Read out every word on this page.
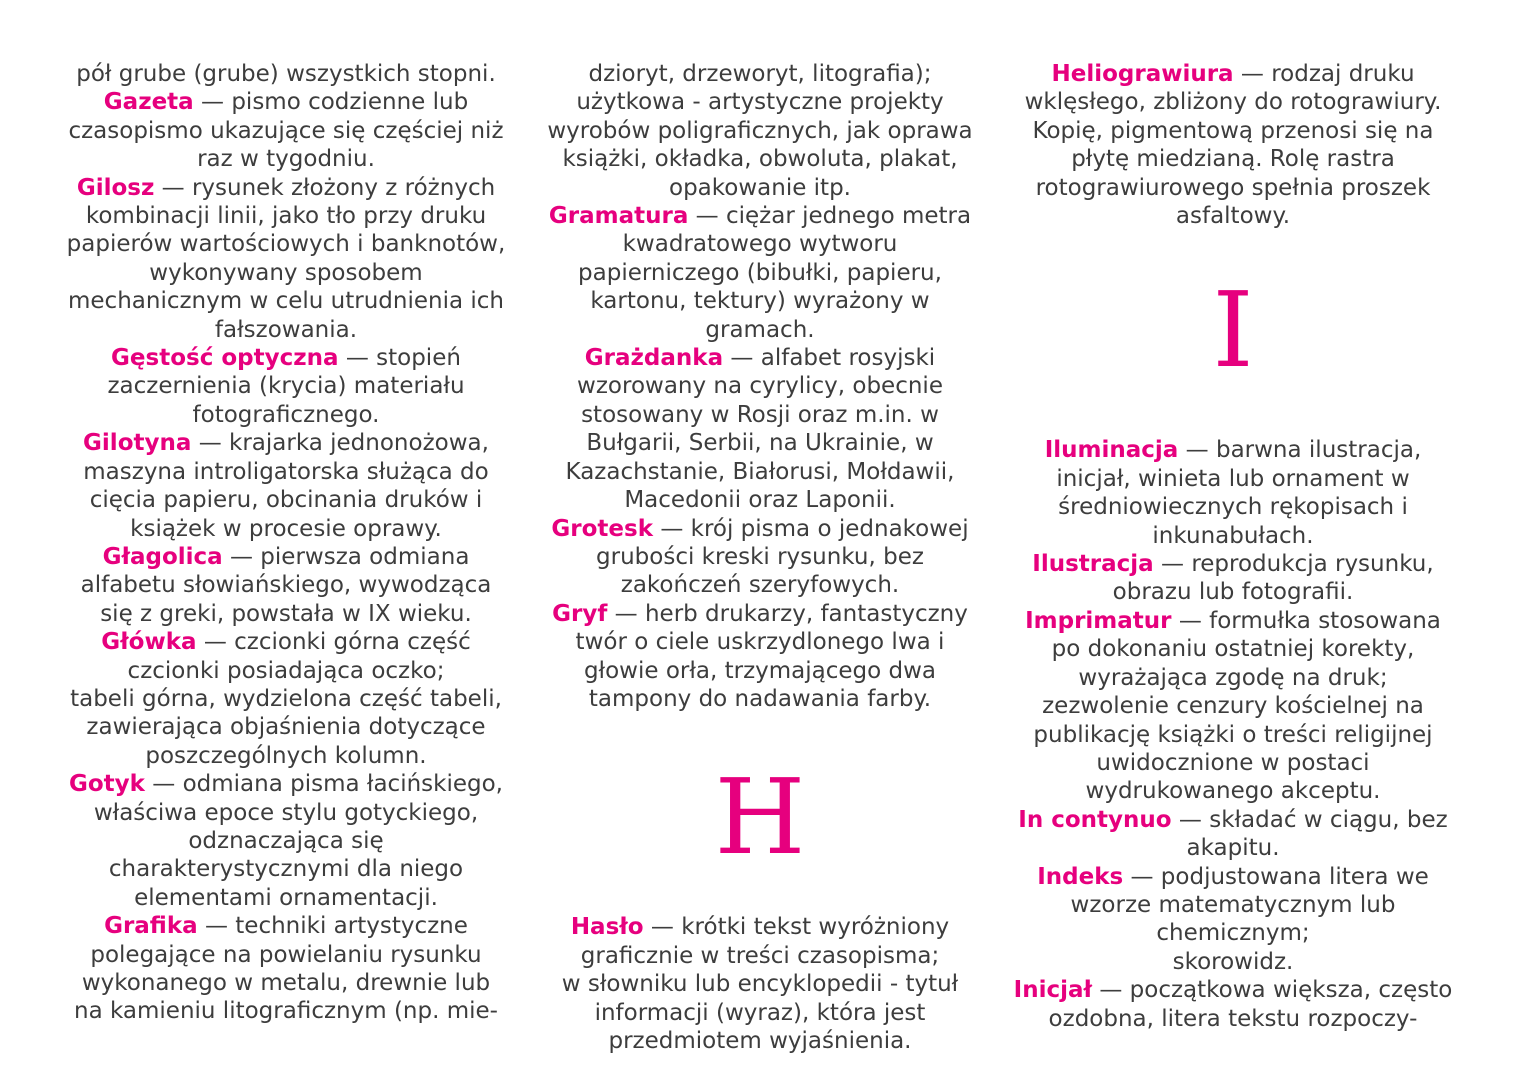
pół grube (grube) wszystkich stopni.

Gazeta — pismo codzienne lub czasopismo ukazujące się częściej niż raz w tygodniu.

Gilosz — rysunek złożony z różnych kombinacji linii, jako tło przy druku papierów wartościowych i banknotów, wykonywany sposobem mechanicznym w celu utrudnienia ich fałszowania.

Gęstość optyczna — stopień zaczernienia (krycia) materiału fotograficznego.

Gilotyna — krajarka jednonożowa, maszyna introligatorska służąca do cięcia papieru, obcinania druków i książek w procesie oprawy.

Głagolica — pierwsza odmiana alfabetu słowiańskiego, wywodząca się z greki, powstała w IX wieku.

Główka — czcionki górna część czcionki posiadająca oczko;

tabeli górna, wydzielona część tabeli, zawierająca objaśnienia dotyczące poszczególnych kolumn.

Gotyk — odmiana pisma łacińskiego, właściwa epoce stylu gotyckiego, odznaczająca się charakterystycznymi dla niego elementami ornamentacji.

Grafika — techniki artystyczne polegające na powielaniu rysunku wykonanego w metalu, drewnie lub na kamieniu litograficznym (np. mie-

dzioryt, drzeworyt, litografia);

użytkowa - artystyczne projekty wyrobów poligraficznych, jak oprawa książki, okładka, obwoluta, plakat, opakowanie itp.

Gramatura — ciężar jednego metra kwadratowego wytworu papierniczego (bibułki, papieru, kartonu, tektury) wyrażony w gramach.

Grażdanka — alfabet rosyjski wzorowany na cyrylicy, obecnie stosowany w Rosji oraz m.in. w Bułgarii, Serbii, na Ukrainie, w Kazachstanie, Białorusi, Mołdawii, Macedonii oraz Laponii.

Grotesk — krój pisma o jednakowej grubości kreski rysunku, bez zakończeń szeryfowych.

Gryf — herb drukarzy, fantastyczny twór o ciele uskrzydlonego lwa i głowie orła, trzymającego dwa tampony do nadawania farby.

H

Hasło — krótki tekst wyróżniony graficznie w treści czasopisma;

w słowniku lub encyklopedii - tytuł informacji (wyraz), która jest przedmiotem wyjaśnienia.

Heliograwiura — rodzaj druku wklęsłego, zbliżony do rotograwiury. Kopię, pigmentową przenosi się na płytę miedzianą. Rolę rastra rotograwiurowego spełnia proszek asfaltowy.

I

Iluminacja — barwna ilustracja, inicjał, winieta lub ornament w średniowiecznych rękopisach i inkunabułach.

Ilustracja — reprodukcja rysunku, obrazu lub fotografii.

Imprimatur — formułka stosowana po dokonaniu ostatniej korekty, wyrażająca zgodę na druk;

zezwolenie cenzury kościelnej na publikację książki o treści religijnej uwidocznione w postaci wydrukowanego akceptu.

In contynuo — składać w ciągu, bez akapitu.

Indeks — podjustowana litera we wzorze matematycznym lub chemicznym;

skorowidz.

Inicjał — początkowa większa, często ozdobna, litera tekstu rozpoczy-
